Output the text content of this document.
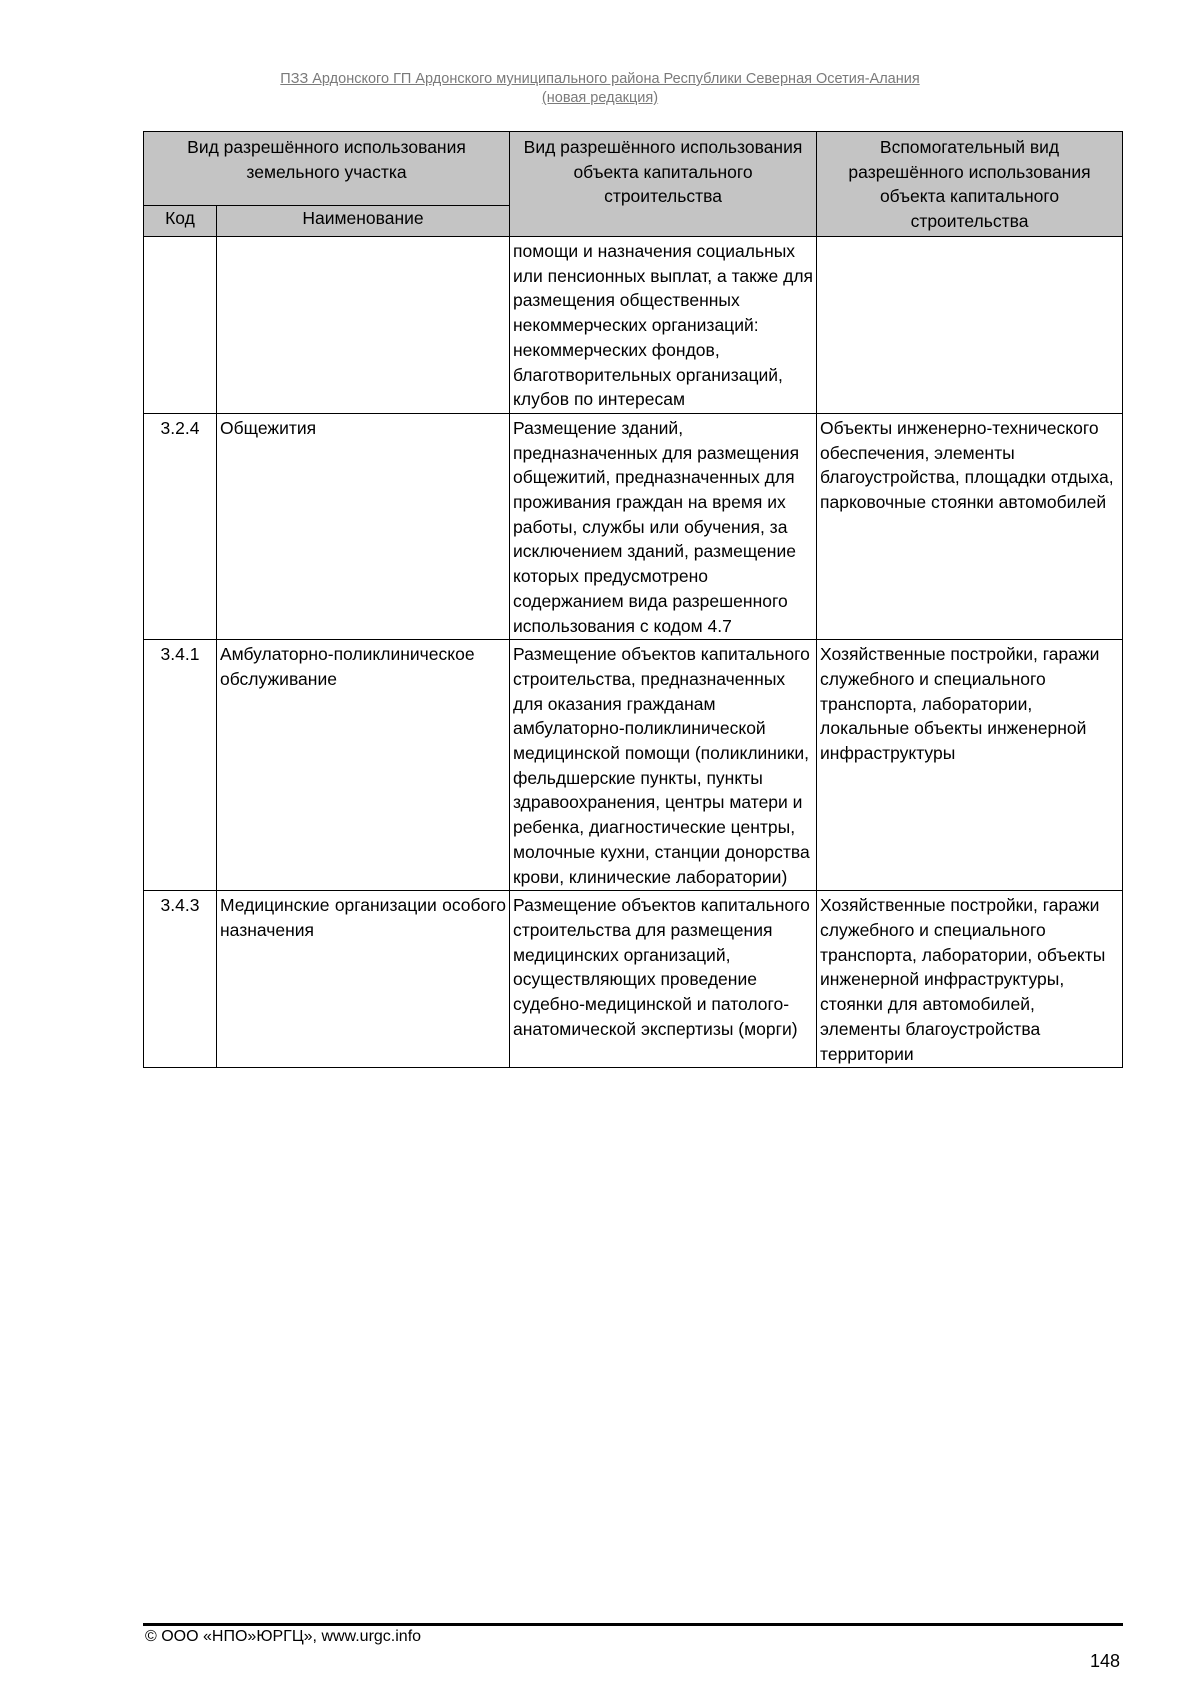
ПЗЗ Ардонского ГП Ардонского муниципального района Республики Северная Осетия-Алания
(новая редакция)
Вид разрешённого использования земельного участка		Вид разрешённого использования объекта капитального строительства	Вспомогательный вид разрешённого использования объекта капитального строительства
Код	Наименование		
		помощи и назначения социальных или пенсионных выплат, а также для размещения общественных некоммерческих организаций: некоммерческих фондов, благотворительных организаций, клубов по интересам	
3.2.4	Общежития	Размещение зданий, предназначенных для размещения общежитий, предназначенных для проживания граждан на время их работы, службы или обучения, за исключением зданий, размещение которых предусмотрено содержанием вида разрешенного использования с кодом 4.7	Объекты инженерно-технического обеспечения, элементы благоустройства, площадки отдыха, парковочные стоянки автомобилей
3.4.1	Амбулаторно-поликлиническое обслуживание	Размещение объектов капитального строительства, предназначенных для оказания гражданам амбулаторно-поликлинической медицинской помощи (поликлиники, фельдшерские пункты, пункты здравоохранения, центры матери и ребенка, диагностические центры, молочные кухни, станции донорства крови, клинические лаборатории)	Хозяйственные постройки, гаражи служебного и специального транспорта, лаборатории, локальные объекты инженерной инфраструктуры
3.4.3	Медицинские организации особого назначения	Размещение объектов капитального строительства для размещения медицинских организаций, осуществляющих проведение судебно-медицинской и патолого-анатомической экспертизы (морги)	Хозяйственные постройки, гаражи служебного и специального транспорта, лаборатории, объекты инженерной инфраструктуры, стоянки для автомобилей, элементы благоустройства территории
© ООО «НПО»ЮРГЦ», www.urgc.info
148
